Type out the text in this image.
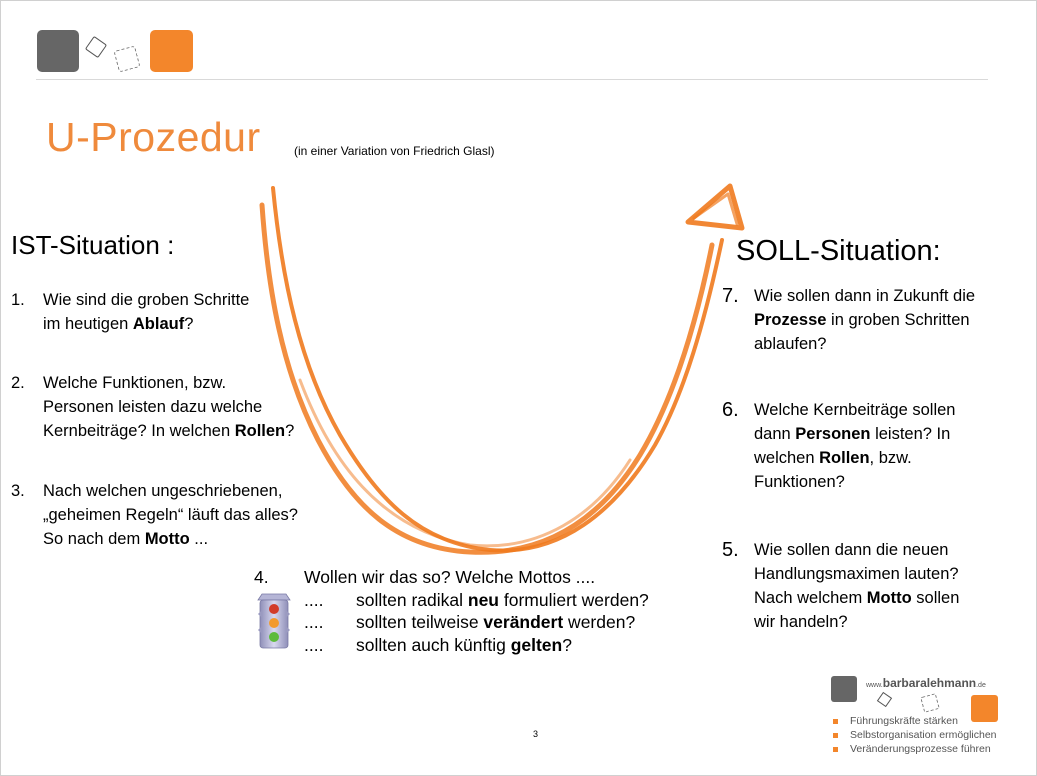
U-Prozedur	(in einer Variation von Friedrich Glasl)
IST-Situation :
1. Wie sind die groben Schritte
im heutigen Ablauf?
2. Welche Funktionen, bzw.
Personen leisten dazu welche
Kernbeiträge? In welchen Rollen?
3. Nach welchen ungeschriebenen,
„geheimen Regeln“ läuft das alles?
So nach dem Motto ...
SOLL-Situation:
7. Wie sollen dann in Zukunft die
Prozesse in groben Schritten
ablaufen?
6. Welche Kernbeiträge sollen
dann Personen leisten? In
welchen Rollen, bzw.
Funktionen?
5. Wie sollen dann die neuen
Handlungsmaximen lauten?
Nach welchem Motto sollen
wir handeln?
4. Wollen wir das so? Welche Mottos ....
.... sollten radikal neu formuliert werden?
.... sollten teilweise verändert werden?
.... sollten auch künftig gelten?
3
www.barbaralehmann.de
Führungskräfte stärken
Selbstorganisation ermöglichen
Veränderungsprozesse führen
